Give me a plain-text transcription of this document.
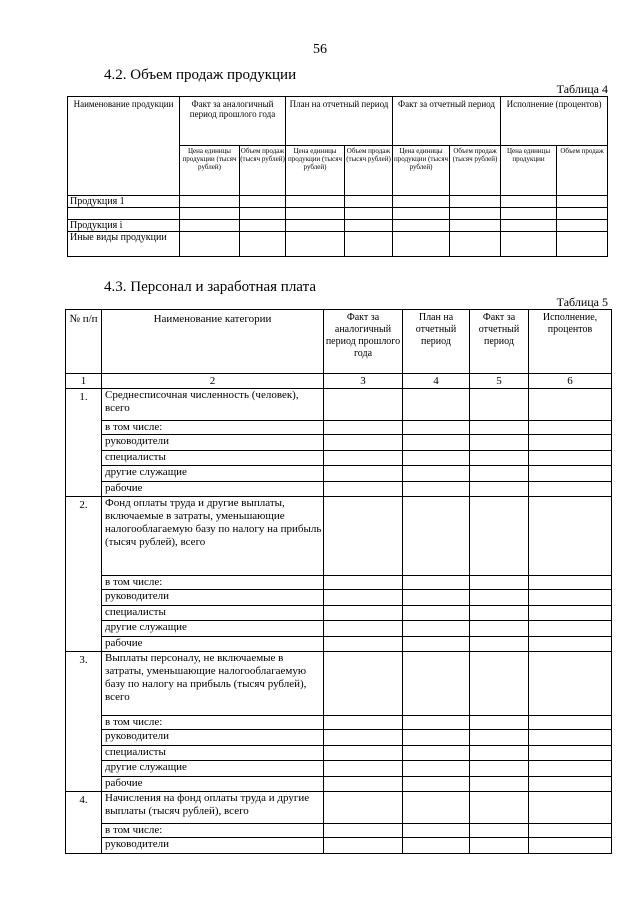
56
4.2. Объем продаж продукции
Таблица 4
Наименование продукции	Факт за аналогичный период прошлого года		План на отчетный период		Факт за отчетный период		Исполнение (процентов)	
	Цена единицы продукции (тысяч рублей)	Объем продаж (тысяч рублей)	Цена единицы продукции (тысяч рублей)	Объем продаж (тысяч рублей)	Цена единицы продукции (тысяч рублей)	Объем продаж (тысяч рублей)	Цена единицы продукции	Объем продаж
Продукция 1								

Продукция i								
Иные виды продукции								
4.3. Персонал и заработная плата
Таблица 5
№ п/п	Наименование категории	Факт за аналогичный период прошлого года	План на отчетный период	Факт за отчетный период	Исполнение, процентов
1	2	3	4	5	6
1.	Среднесписочная численность (человек), всего				
	в том числе:				
	руководители				
	специалисты				
	другие служащие				
	рабочие				
2.	Фонд оплаты труда и другие выплаты, включаемые в затраты, уменьшающие налогооблагаемую базу по налогу на прибыль (тысяч рублей), всего				
	в том числе:				
	руководители				
	специалисты				
	другие служащие				
	рабочие				
3.	Выплаты персоналу, не включаемые в затраты, уменьшающие налогооблагаемую базу по налогу на прибыль (тысяч рублей), всего				
	в том числе:				
	руководители				
	специалисты				
	другие служащие				
	рабочие				
4.	Начисления на фонд оплаты труда и другие выплаты (тысяч рублей), всего				
	в том числе:				
	руководители				
